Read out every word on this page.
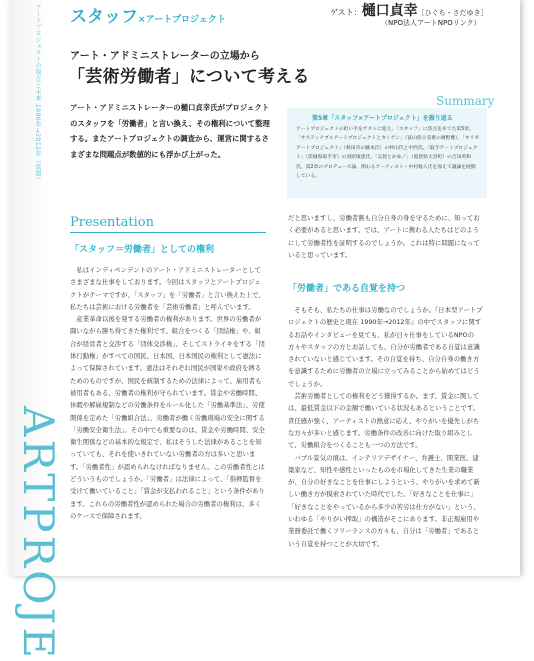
アートプロジェクトの現在と未来 1990年→2012年（仮題）
ARTPROJE
スタッフ×アートプロジェクト
ゲスト：樋口貞幸［ひぐち・さだゆき］
（NPO法人アートNPOリンク）
アート・アドミニストレーターの立場から
「芸術労働者」について考える
アート・アドミニストレーターの樋口貞幸氏がプロジェクトのスタッフを「労働者」と言い換え、その権利について整理する。またアートプロジェクトの調査から、運営に関するさまざまな問題点が数値的にも浮かび上がった。
Summary
第5章「スタッフ×アートプロジェクト」を振り返る
アートプロジェクトの担い手をゲストに迎え、「スタッフ」に焦点をあてた第5章。「サスティナブルアートプロジェクトとカンゲン」（富山県立美術の廣野雅）、「オリゼアートプロジェクト」（秋田市の藤本氏）の仲山氏と中西氏。「取手アートプロジェクト」（茨城県取手市）の羽原康恵氏、「志賀とかゆ／」（滋賀県大宮町）の吉田英和氏、第2章のプロデュース論、関わるアーティスト・中村稔人氏を加えて議論を展開している。
Presentation
「スタッフ＝労働者」としての権利
　私はインディペンデントのアート・アドミニストレーターとしてさまざまな仕事をしております。今回はスタッフとアートプロジェクトがテーマですが、「スタッフ」を「労働者」と言い換えた上で、私たちは芸術における労働者を「芸術労働者」と呼んでいます。
　産業革命以後を発する労働者の権利があります。世界の労働者が闘いながら勝ち得てきた権利です。組合をつくる「団結権」や、組合が経営者と交渉する「団体交渉権」、そしてストライキをする「団体行動権」がすべての国民、日本国、日本国民の権利として憲法によって保障されています。憲法はそれぞれ国民が国家や政府を縛るためのものですが、国民を統制するための法律によって、雇用者も被用者もある、労働者の権利が守られています。賃金や労働時間、休暇や解雇規制などの労働条件をルール化した「労働基準法」、労使関係を定めた「労働組合法」、労働者が働く労働現場の安全に関する「労働安全衛生法」。その中でも重要なのは、賃金や労働時間、安全衛生関係などの基本的な規定で、私はそうした法律があることを知っていても、それを使いきれていない労働者の方は多いと思います。「労働者性」が認められなければなりません。この労働者性とはどういうものでしょうか。「労働者」は法律によって、「指揮監督を受けて働いていること」「賃金が支払われること」という条件があります。これらの労働者性が認められた場合の労働者の権利は、多くのケースで保障されます。
だと思いますし、労働者側も自分自身の身を守るために、知っておく必要があると思います。では、アートに携わる人たちはどのようにして労働者性を証明するのでしょうか。これは特に問題になっていると思っています。
「労働者」である自覚を持つ
　そもそも、私たちの仕事は労働なのでしょうか。『日本型アートプロジェクトの歴史と現在 1990年→2012年』の中でスタッフに関するお話やインタビューを見ても、私が日々仕事をしているNPOの方々やスタッフの方とお話しても、自分が労働者である自覚は意識されていないと感じています。その自覚を持ち、自分自身の働き方を意識するために労働者の立場に立ってみることから始めてはどうでしょうか。
　芸術労働者としての権利をどう獲得するか。まず、賃金に関しては、最低賃金以下の金額で働いている状況もあるということです。責任感が強く、アーティストの熱意に応え、やりがいを優先しがちな方々が多いと感じます。労働条件の改善に向けた取り組みとして、労働組合をつくることも一つの方法です。
　バブル景気の頃は、インテリアデザイナー、弁護士、開業医、建築家など、知性や感性といったものを市場化してきた生業の職業が、自分の好きなことを仕事にしようという、やりがいを求めて新しい働き方が模索されていた時代でした。「好きなことを仕事に」「好きなことをやっているから多少の苦労は仕方がない」という、いわゆる「やりがい搾取」の構造がそこにあります。非正規雇用や業務委託で働くフリーランスの方々も、自分は「労働者」であるという自覚を持つことが大切です。
